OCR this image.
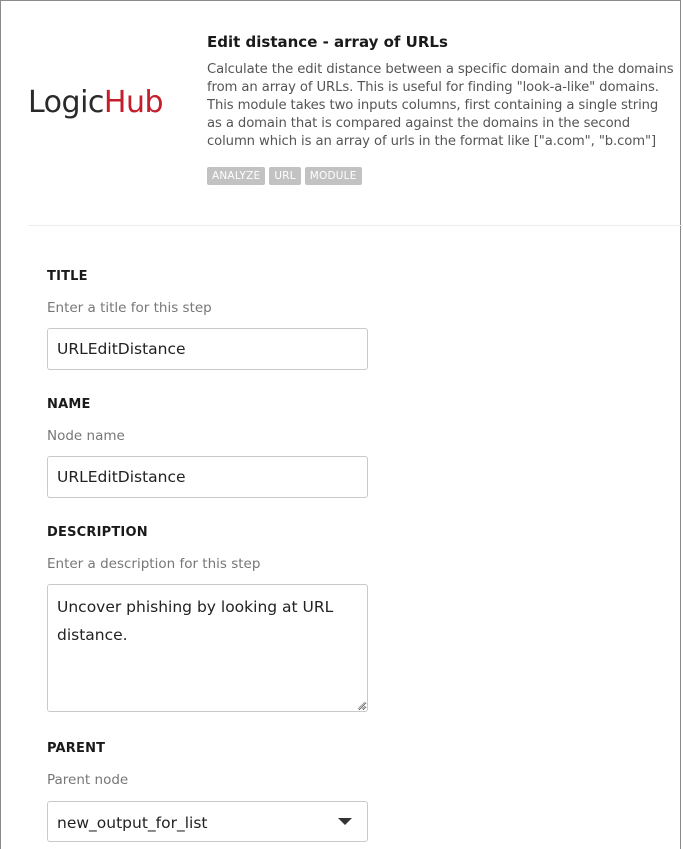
LogicHub
Edit distance - array of URLs

Calculate the edit distance between a specific domain and the domains from an array of URLs. This is useful for finding "look-a-like" domains. This module takes two inputs columns, first containing a single string as a domain that is compared against the domains in the second column which is an array of urls in the format like ["a.com", "b.com"]

ANALYZE	URL	MODULE
TITLE
Enter a title for this step
URLEditDistance
NAME
Node name
URLEditDistance
DESCRIPTION
Enter a description for this step
Uncover phishing by looking at URL distance.
PARENT
Parent node
new_output_for_list
